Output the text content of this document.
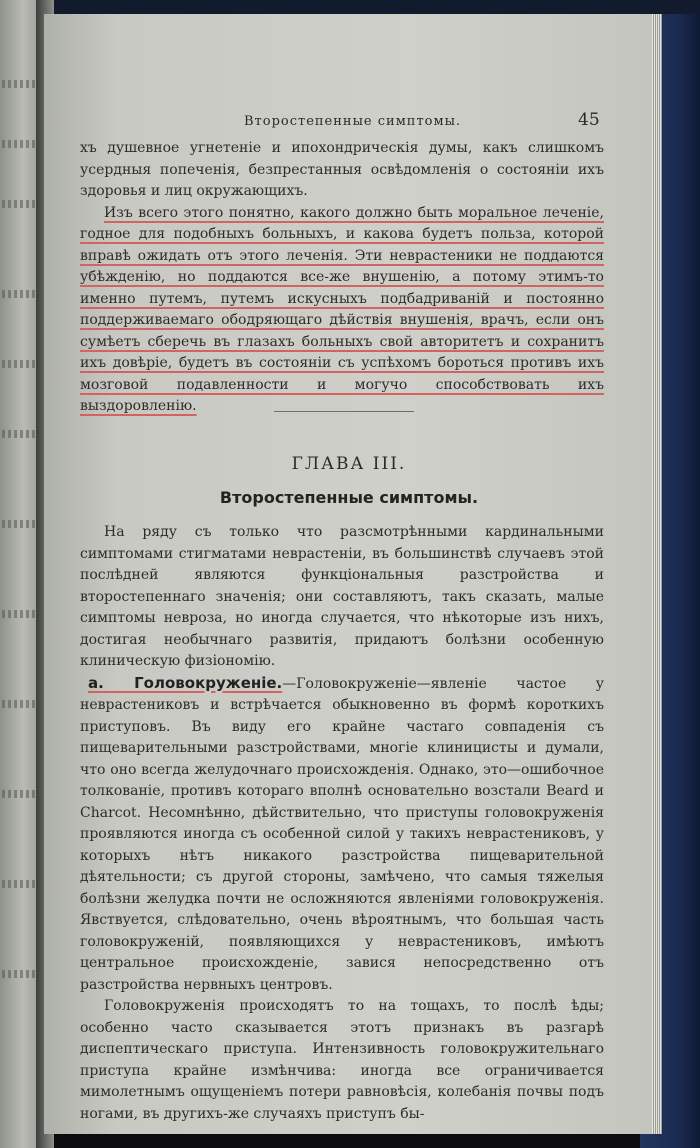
Второстепенные симптомы.	45

хъ душевное угнетеніе и ипохондрическія думы, какъ слишкомъ усердныя попеченія, безпрестанныя освѣдомленія о состояніи ихъ здоровья и лиц окружающихъ.

Изъ всего этого понятно, какого должно быть моральное леченіе, годное для подобныхъ больныхъ, и какова будетъ польза, которой вправѣ ожидать отъ этого леченія. Эти неврастеники не поддаются убѣжденію, но поддаются все-же внушенію, а потому этимъ-то именно путемъ, путемъ искусныхъ подбадриваній и постоянно поддерживаемаго ободряющаго дѣйствія внушенія, врачъ, если онъ сумѣетъ сберечь въ глазахъ больныхъ свой авторитетъ и сохранитъ ихъ довѣріе, будетъ въ состояніи съ успѣхомъ бороться противъ ихъ мозговой подавленности и могучо способствовать ихъ выздоровленію.

ГЛАВА III.
Второстепенные симптомы.

На ряду съ только что разсмотрѣнными кардинальными симптомами стигматами неврастеніи, въ большинствѣ случаевъ этой послѣдней являются функціональныя разстройства и второстепеннаго значенія; они составляютъ, такъ сказать, малые симптомы невроза, но иногда случается, что нѣкоторые изъ нихъ, достигая необычнаго развитія, придаютъ болѣзни особенную клиническую физіономію.

a. Головокруженіе.—Головокруженіе—явленіе частое у неврастениковъ и встрѣчается обыкновенно въ формѣ короткихъ приступовъ. Въ виду его крайне частаго совпаденія съ пищеварительными разстройствами, многіе клиницисты и думали, что оно всегда желудочнаго происхожденія. Однако, это—ошибочное толкованіе, противъ котораго вполнѣ основательно возстали Beard и Charcot. Несомнѣнно, дѣйствительно, что приступы головокруженія проявляются иногда съ особенной силой у такихъ неврастениковъ, у которыхъ нѣтъ никакого разстройства пищеварительной дѣятельности; съ другой стороны, замѣчено, что самыя тяжелыя болѣзни желудка почти не осложняются явленіями головокруженія. Явствуется, слѣдовательно, очень вѣроятнымъ, что большая часть головокруженій, появляющихся у неврастениковъ, имѣютъ центральное происхожденіе, завися непосредственно отъ разстройства нервныхъ центровъ.

Головокруженія происходятъ то на тощахъ, то послѣ ѣды; особенно часто сказывается этотъ признакъ въ разгарѣ диспептическаго приступа. Интензивность головокружительнаго приступа крайне измѣнчива: иногда все ограничивается мимолетнымъ ощущеніемъ потери равновѣсія, колебанія почвы подъ ногами, въ другихъ-же случаяхъ приступъ бы-
